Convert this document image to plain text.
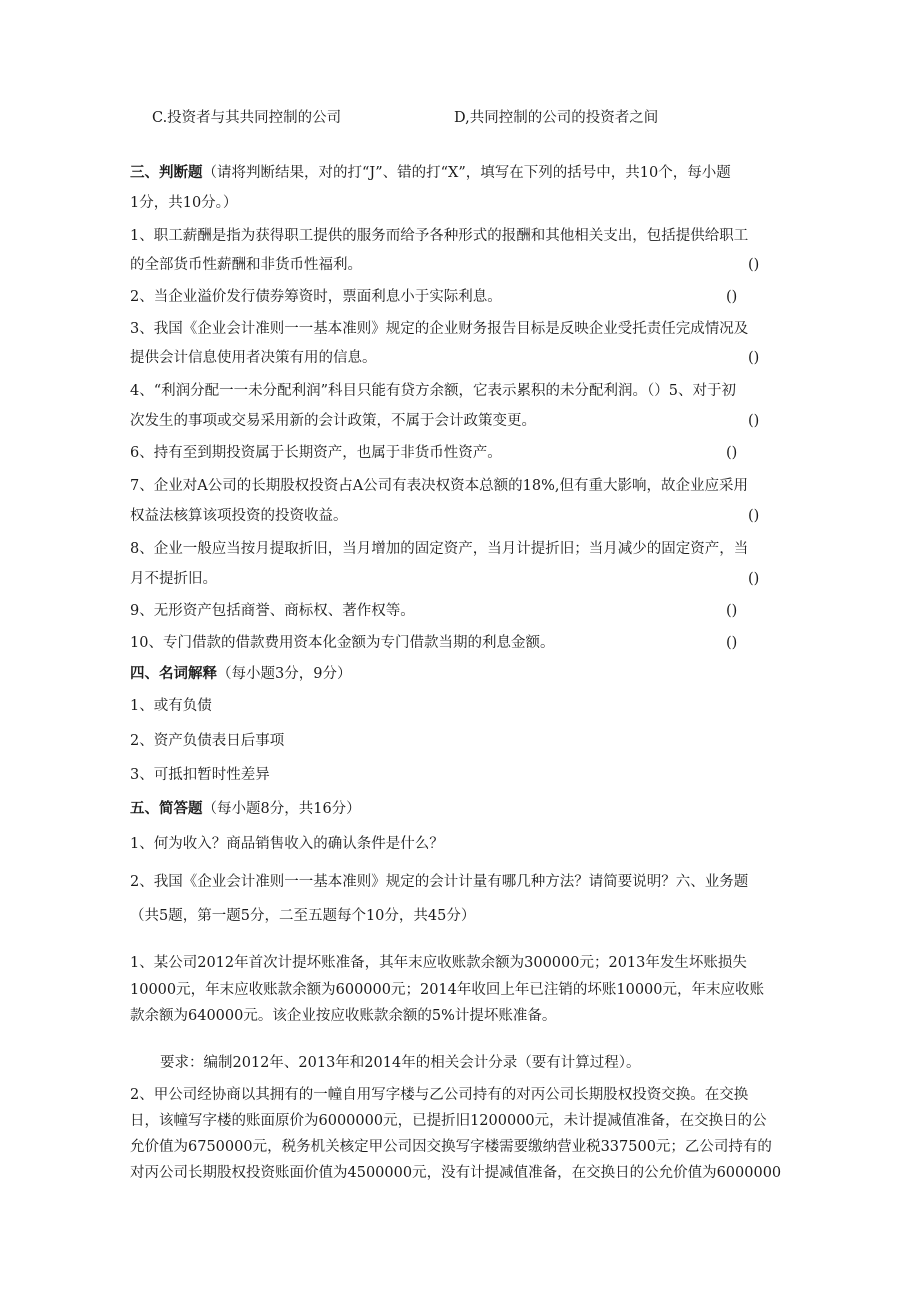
C.投资者与其共同控制的公司	D,共同控制的公司的投资者之间
三、判断题（请将判断结果，对的打“J”、错的打“X”，填写在下列的括号中，共10个，每小题
1分，共10分。）
1、职工薪酬是指为获得职工提供的服务而给予各种形式的报酬和其他相关支出，包括提供给职工
的全部货币性薪酬和非货币性福利。	()
2、当企业溢价发行债券筹资时，票面利息小于实际利息。	()
3、我国《企业会计准则一一基本准则》规定的企业财务报告目标是反映企业受托责任完成情况及
提供会计信息使用者决策有用的信息。	()
4、“利润分配一一未分配利润”科目只能有贷方余额，它表示累积的未分配利润。（）5、对于初
次发生的事项或交易采用新的会计政策，不属于会计政策变更。	()
6、持有至到期投资属于长期资产，也属于非货币性资产。	()
7、企业对A公司的长期股权投资占A公司有表决权资本总额的18%,但有重大影响，故企业应采用
权益法核算该项投资的投资收益。	()
8、企业一般应当按月提取折旧，当月增加的固定资产，当月计提折旧；当月减少的固定资产，当
月不提折旧。	()
9、无形资产包括商誉、商标权、著作权等。	()
10、专门借款的借款费用资本化金额为专门借款当期的利息金额。	()
四、名词解释（每小题3分，9分）
1、或有负债
2、资产负债表日后事项
3、可抵扣暂时性差异
五、简答题（每小题8分，共16分）
1、何为收入？商品销售收入的确认条件是什么？
2、我国《企业会计准则一一基本准则》规定的会计计量有哪几种方法？请简要说明？六、业务题
（共5题，第一题5分，二至五题每个10分，共45分）
1、某公司2012年首次计提坏账准备，其年末应收账款余额为300000元；2013年发生坏账损失
10000元，年末应收账款余额为600000元；2014年收回上年已注销的坏账10000元，年末应收账
款余额为640000元。该企业按应收账款余额的5%计提坏账准备。
要求：编制2012年、2013年和2014年的相关会计分录（要有计算过程）。
2、甲公司经协商以其拥有的一幢自用写字楼与乙公司持有的对丙公司长期股权投资交换。在交换
日，该幢写字楼的账面原价为6000000元，已提折旧1200000元，未计提减值准备，在交换日的公
允价值为6750000元，税务机关核定甲公司因交换写字楼需要缴纳营业税337500元；乙公司持有的
对丙公司长期股权投资账面价值为4500000元，没有计提减值准备，在交换日的公允价值为6000000
